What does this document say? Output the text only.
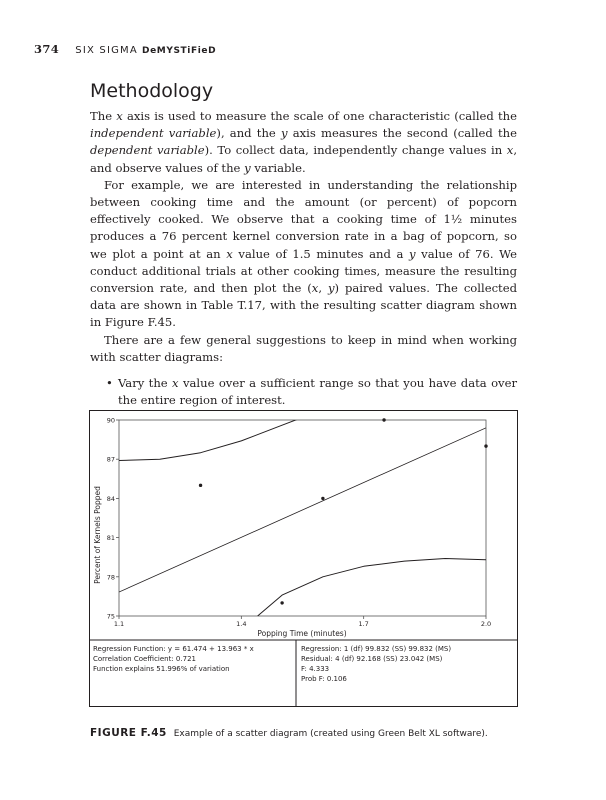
374 SIX SIGMA DeMYSTiFieD
Methodology

The x axis is used to measure the scale of one characteristic (called the independent variable), and the y axis measures the second (called the dependent variable). To collect data, independently change values in x, and observe values of the y variable.

For example, we are interested in understanding the relationship between cooking time and the amount (or percent) of popcorn effectively cooked. We observe that a cooking time of 1½ minutes produces a 76 percent kernel conversion rate in a bag of popcorn, so we plot a point at an x value of 1.5 minutes and a y value of 76. We conduct additional trials at other cooking times, measure the resulting conversion rate, and then plot the (x, y) paired values. The collected data are shown in Table T.17, with the resulting scatter diagram shown in Figure F.45.

There are a few general suggestions to keep in mind when working with scatter diagrams:

• Vary the x value over a sufficient range so that you have data over the entire region of interest.
75
78
81
84
87
90
1.1	1.4	1.7	2.0
Percent of Kernels Popped
Popping Time (minutes)
Regression Function: y = 61.474 + 13.963 * x
Correlation Coefficient: 0.721
Function explains 51.996% of variation
Regression: 1 (df) 99.832 (SS) 99.832 (MS)
Residual: 4 (df) 92.168 (SS) 23.042 (MS)
F: 4.333
Prob F: 0.106
FIGURE F.45 Example of a scatter diagram (created using Green Belt XL software).
